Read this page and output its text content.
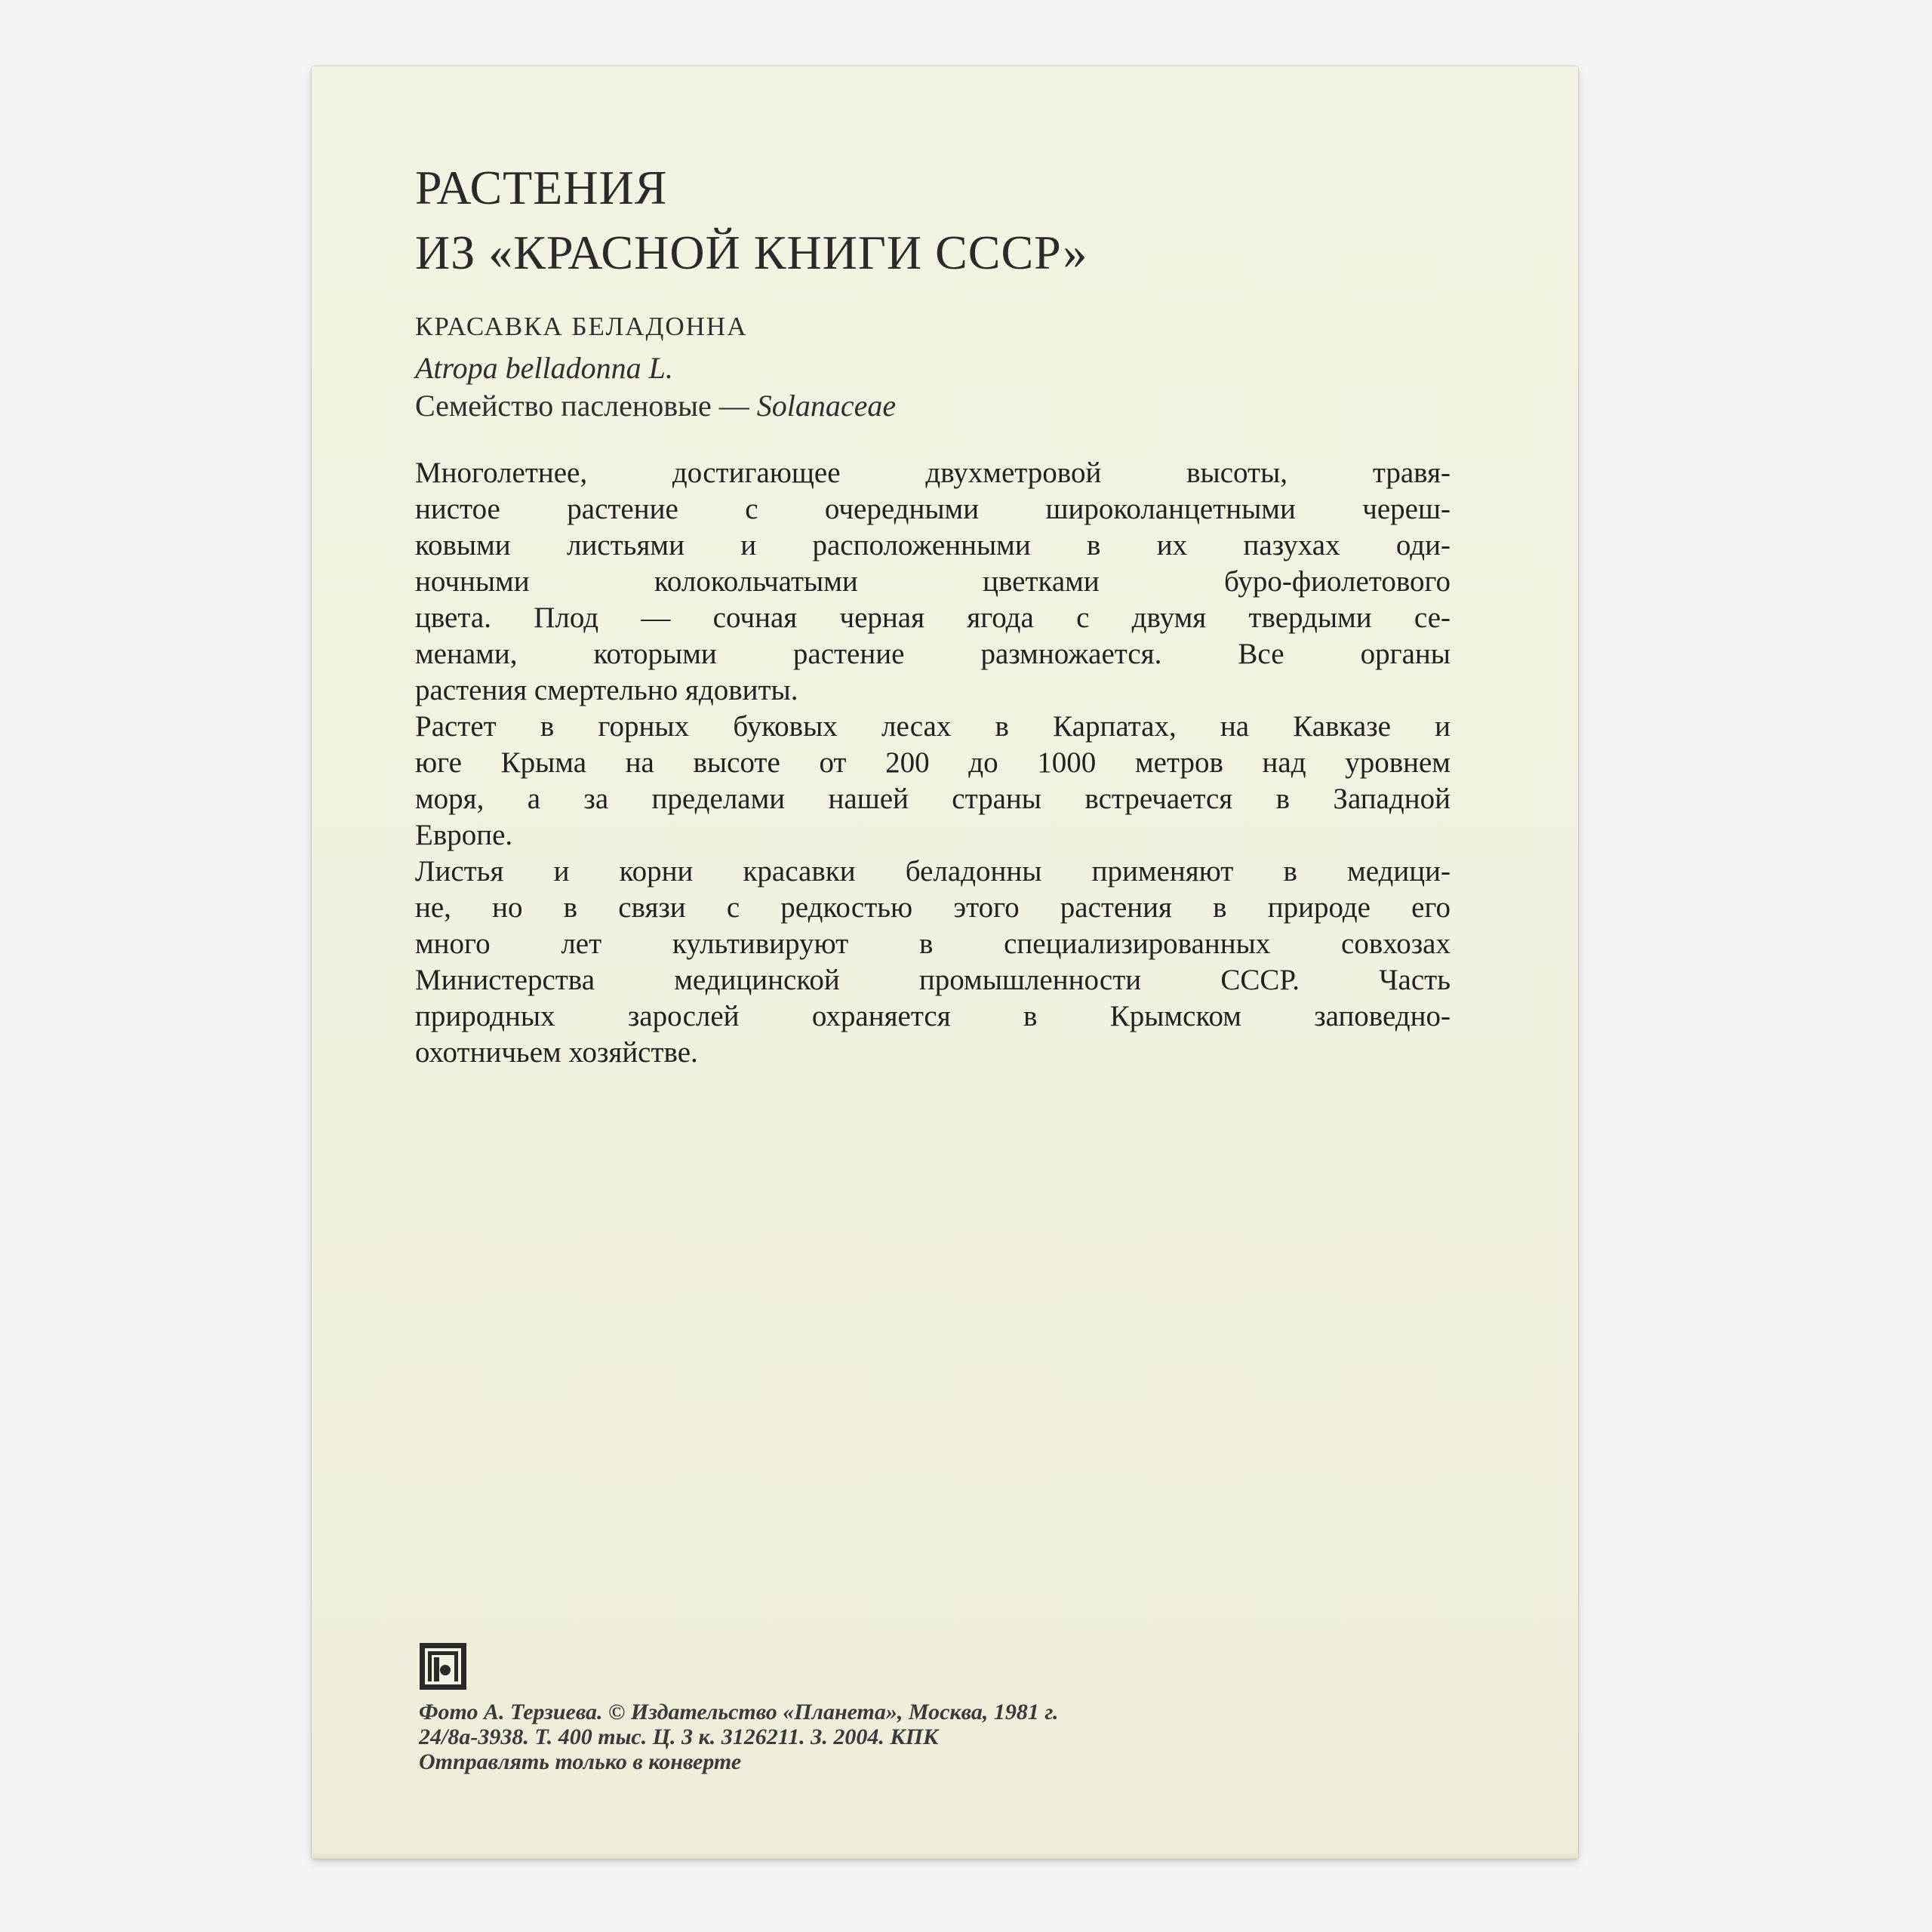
РАСТЕНИЯ
ИЗ «КРАСНОЙ КНИГИ СССР»
КРАСАВКА БЕЛАДОННА
Atropa belladonna L.
Семейство пасленовые — Solanaceae

Многолетнее, достигающее двухметровой высоты, травя-

нистое растение с очередными широколанцетными череш-

ковыми листьями и расположенными в их пазухах оди-

ночными колокольчатыми цветками буро-фиолетового

цвета. Плод — сочная черная ягода с двумя твердыми се-

менами, которыми растение размножается. Все органы

растения смертельно ядовиты.

Растет в горных буковых лесах в Карпатах, на Кавказе и

юге Крыма на высоте от 200 до 1000 метров над уровнем

моря, а за пределами нашей страны встречается в Западной

Европе.

Листья и корни красавки беладонны применяют в медици-

не, но в связи с редкостью этого растения в природе его

много лет культивируют в специализированных совхозах

Министерства медицинской промышленности СССР. Часть

природных зарослей охраняется в Крымском заповедно-

охотничьем хозяйстве.

Фото А. Терзиева. © Издательство «Планета», Москва, 1981 г.
24/8а-3938. Т. 400 тыс. Ц. 3 к. 3126211. З. 2004. КПК
Отправлять только в конверте
